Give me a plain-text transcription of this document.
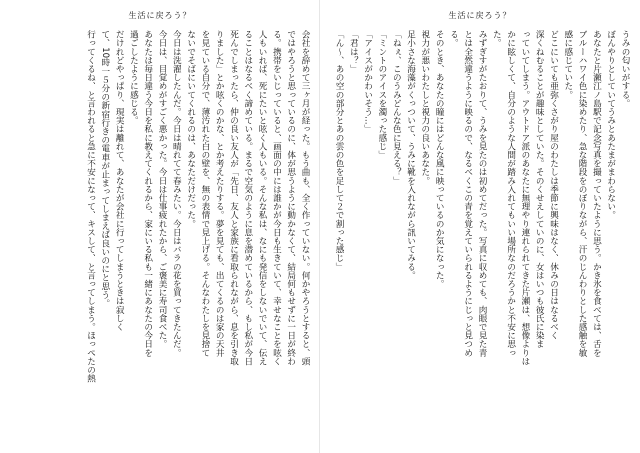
生活に戻ろう？

会社を辞めて三ヶ月が経った。もう曲も、全く作っていない。何かやろうとすると、頭

ではやろうと思っているのに、体が思うように動かなくて、結局何もせずに一日が終わ

る。携帯をいじっていると、画面の中には誰かが今日も生きていて、幸せなことを呟く

人もいれば、死にたいと呟く人もいる。そんな私は、なにも発信をしないでいて、伝え

ることはなるべく諦めている。まるで空気のように息を潜めているから、もし私が今日

死んでしまったら、仲の良い友人が「先日、友人と家族に看取られながら、息を引き取

りました」とか呟くのかな、とか考えたりする。夢を見ても、出てくるのは家の天井

を見ている自分で、薄汚れた白の壁を、無の表情で見上げる。そんなわたしを見捨て

ないでそばにいてくれるのは、あなただけだった。

今日は洗濯したんだ。今日は晴れてて春みたい。今日はバラの花を買ってきたんだ。

今日は、目覚めがすごく悪かった。今日は仕事疲れたから、ご褒美に寿司食べた。

あなたは毎日違う今日を私に教えてくれるから、家にいる私も一緒にあなたの今日を

過ごしたように感じる。

だけれどやっぱり、現実は離れて、あなたが会社に行ってしまうときは寂しく

て、10時一５分の新宿行きの電車が止まってしまえば良いのにと思う。

行ってくるね、と言われると急に不安になって、キスして、と言ってしまう。ほっぺたの熱

生活に戻ろう？

うみの匂いがする。

ぼんやりとしていてうみとあたまがまわらない。

あなたと片瀬江ノ島駅で記念写真を撮っていたように思う。かき氷を食べては、舌を

ブルーハワイ色に染めたり、急な階段をのぼりながら、汗のじんわりとした感触を敏

感に感じていた。

どこにいても亜弥くさがり屋のわたしは季節に興味はなく、休みの日はなるべく

深くねむることが趣味としていた。そのくせえしていのに、女はいつも彼氏に染ま

っていてしまう。アウトドア派のあなたに無理やり連れられてきた片瀬は、想像よりは

かに眩しくて、自分のような人間が踏み入れてもいい場所なのだろうかと不安に思っ

た。

みずぎすがたおりて、うみを見たのは初めてだった。写真に収めても、肉眼で見た青

とは全然違うように映るので、なるべくこの青を覚えていられるようにじっと見つめ

る。

そのとき、あなたの瞳にはどんな風に映っているのか気になった。

視力が悪いわたしと視力の良いあなた。

足小さな海藻がくっついて、うみに靴を入れながら訊いてみる。

「ねぇ、このうみどんな色に見える？」

「ミントのアイスを濁った感じ」

「アイスがかわいそう…」

「君は？」

「ん〜、あの空の部分とあの雲の色を足して２で割った感じ」
